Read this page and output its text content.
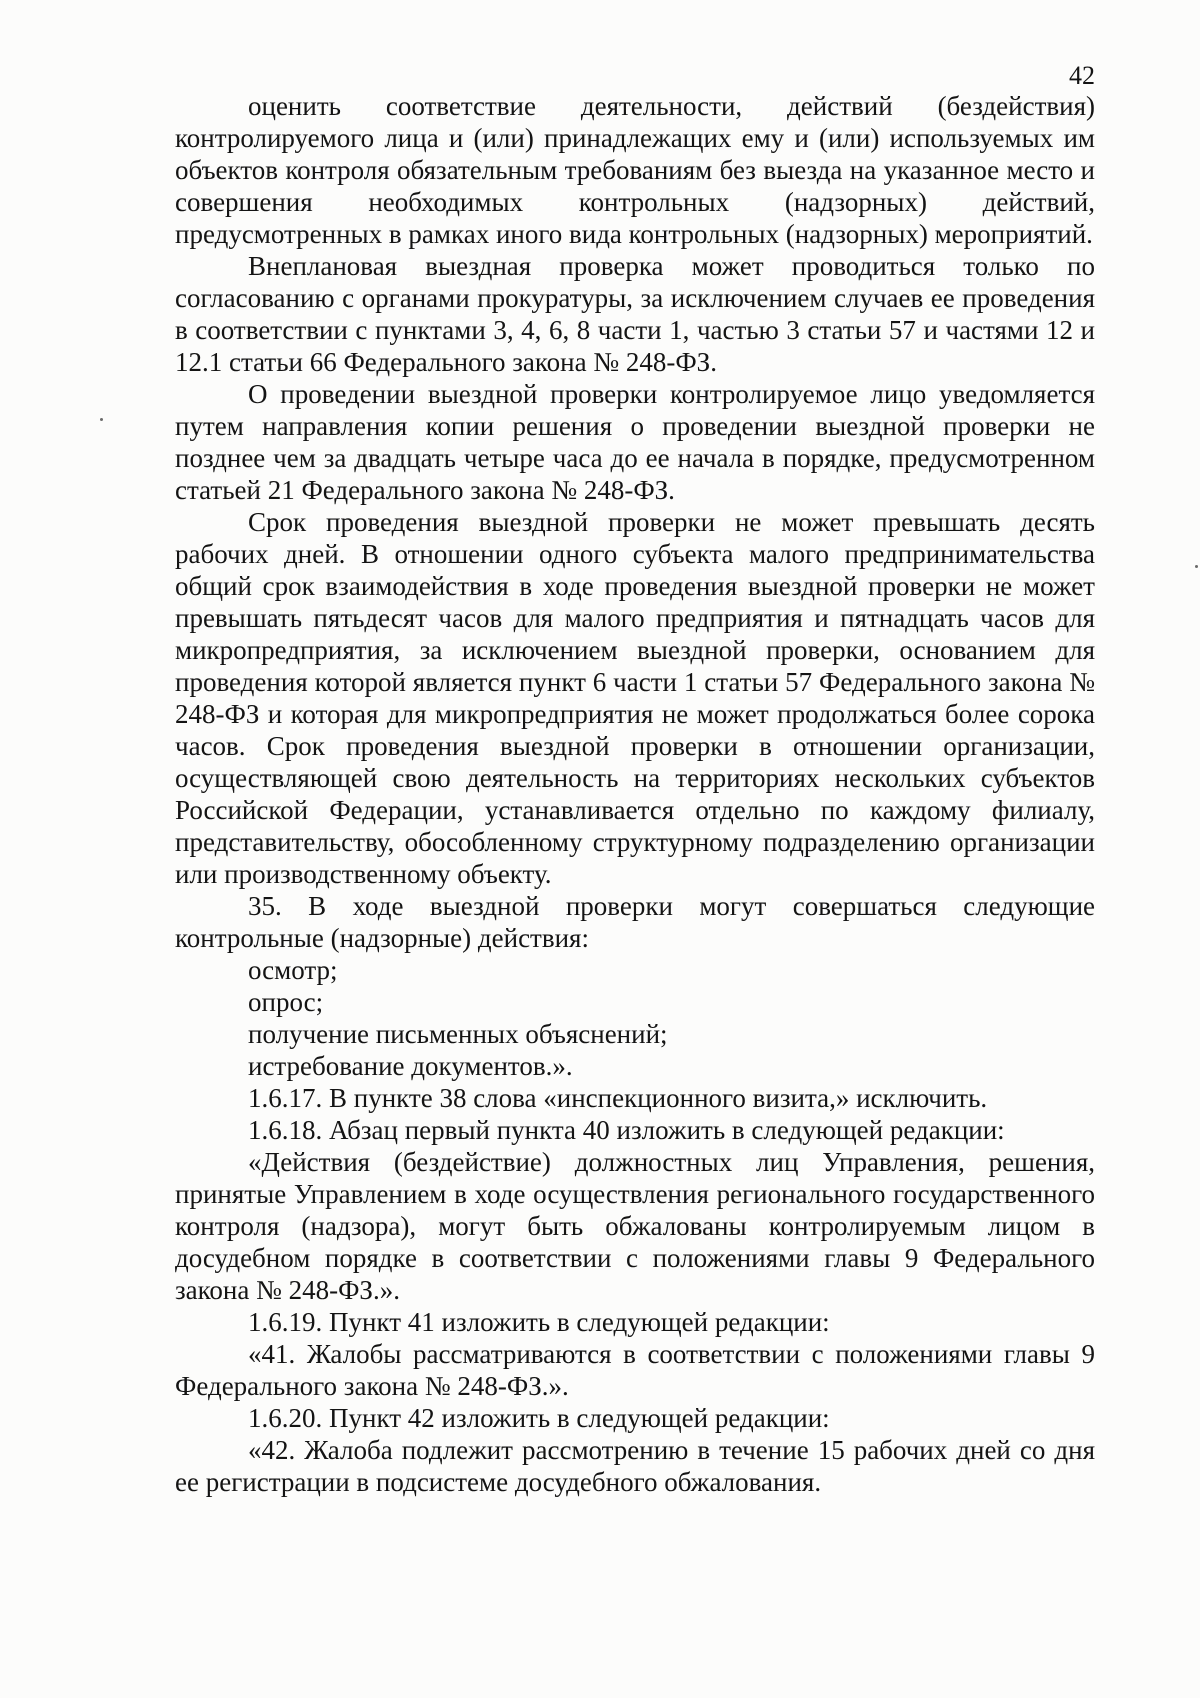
42

оценить соответствие деятельности, действий (бездействия) контролируемого лица и (или) принадлежащих ему и (или) используемых им объектов контроля обязательным требованиям без выезда на указанное место и совершения необходимых контрольных (надзорных) действий, предусмотренных в рамках иного вида контрольных (надзорных) мероприятий.

Внеплановая выездная проверка может проводиться только по согласованию с органами прокуратуры, за исключением случаев ее проведения в соответствии с пунктами 3, 4, 6, 8 части 1, частью 3 статьи 57 и частями 12 и 12.1 статьи 66 Федерального закона № 248-ФЗ.

О проведении выездной проверки контролируемое лицо уведомляется путем направления копии решения о проведении выездной проверки не позднее чем за двадцать четыре часа до ее начала в порядке, предусмотренном статьей 21 Федерального закона № 248-ФЗ.

Срок проведения выездной проверки не может превышать десять рабочих дней. В отношении одного субъекта малого предпринимательства общий срок взаимодействия в ходе проведения выездной проверки не может превышать пятьдесят часов для малого предприятия и пятнадцать часов для микропредприятия, за исключением выездной проверки, основанием для проведения которой является пункт 6 части 1 статьи 57 Федерального закона № 248-ФЗ и которая для микропредприятия не может продолжаться более сорока часов. Срок проведения выездной проверки в отношении организации, осуществляющей свою деятельность на территориях нескольких субъектов Российской Федерации, устанавливается отдельно по каждому филиалу, представительству, обособленному структурному подразделению организации или производственному объекту.

35. В ходе выездной проверки могут совершаться следующие контрольные (надзорные) действия:

осмотр;

опрос;

получение письменных объяснений;

истребование документов.».

1.6.17. В пункте 38 слова «инспекционного визита,» исключить.

1.6.18. Абзац первый пункта 40 изложить в следующей редакции:

«Действия (бездействие) должностных лиц Управления, решения, принятые Управлением в ходе осуществления регионального государственного контроля (надзора), могут быть обжалованы контролируемым лицом в досудебном порядке в соответствии с положениями главы 9 Федерального закона № 248-ФЗ.».

1.6.19. Пункт 41 изложить в следующей редакции:

«41. Жалобы рассматриваются в соответствии с положениями главы 9 Федерального закона № 248-ФЗ.».

1.6.20. Пункт 42 изложить в следующей редакции:

«42. Жалоба подлежит рассмотрению в течение 15 рабочих дней со дня ее регистрации в подсистеме досудебного обжалования.
